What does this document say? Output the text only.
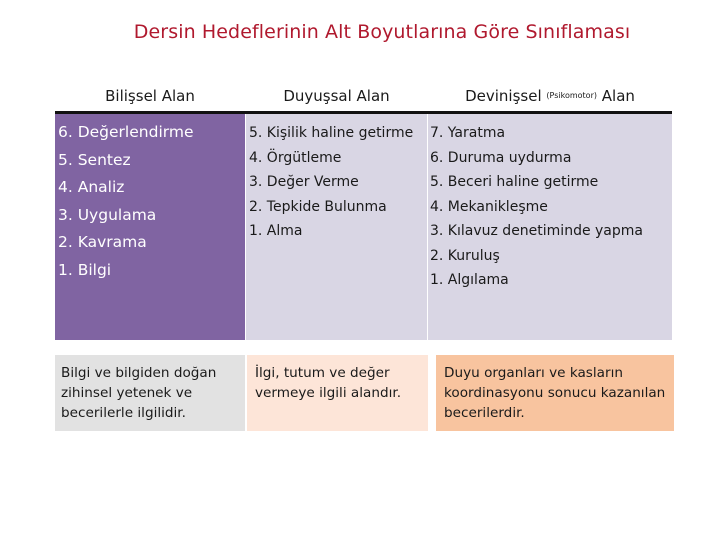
Dersin Hedeflerinin Alt Boyutlarına Göre Sınıflaması
Bilişsel Alan	Duyuşsal Alan	Devinişsel
(Psikomotor)
Alan
6. Değerlendirme
5. Sentez
4. Analiz
3. Uygulama
2. Kavrama
1. Bilgi
5. Kişilik haline getirme
4. Örgütleme
3. Değer Verme
2. Tepkide Bulunma
1. Alma
7. Yaratma
6. Duruma uydurma
5. Beceri haline getirme
4. Mekanikleşme
3. Kılavuz denetiminde yapma
2. Kuruluş
1. Algılama
Bilgi ve bilgiden doğan zihinsel yetenek ve becerilerle ilgilidir.
İlgi, tutum ve değer vermeye ilgili alandır.
Duyu organları ve kasların koordinasyonu sonucu kazanılan becerilerdir.
